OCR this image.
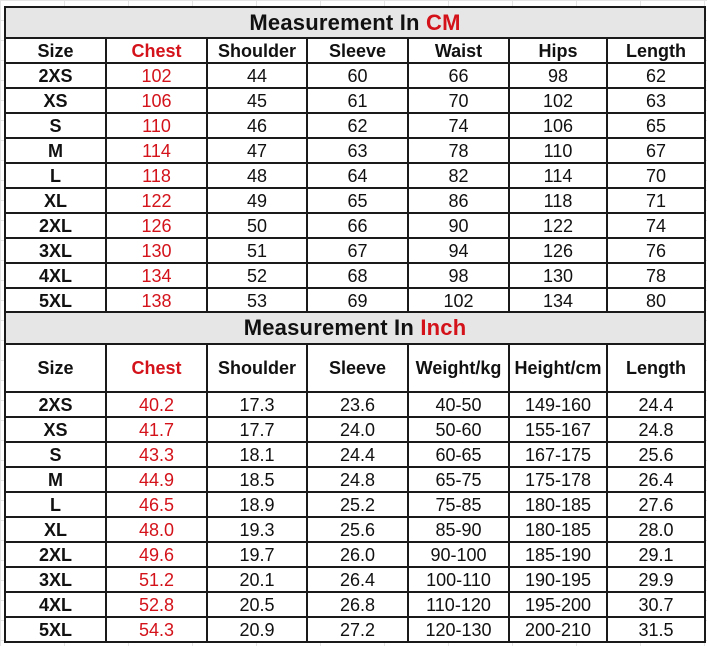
Measurement In CM						
Size	Chest	Shoulder	Sleeve	Waist	Hips	Length
2XS	102	44	60	66	98	62
XS	106	45	61	70	102	63
S	110	46	62	74	106	65
M	114	47	63	78	110	67
L	118	48	64	82	114	70
XL	122	49	65	86	118	71
2XL	126	50	66	90	122	74
3XL	130	51	67	94	126	76
4XL	134	52	68	98	130	78
5XL	138	53	69	102	134	80
Measurement In Inch						
Size	Chest	Shoulder	Sleeve	Weight/kg	Height/cm	Length
2XS	40.2	17.3	23.6	40-50	149-160	24.4
XS	41.7	17.7	24.0	50-60	155-167	24.8
S	43.3	18.1	24.4	60-65	167-175	25.6
M	44.9	18.5	24.8	65-75	175-178	26.4
L	46.5	18.9	25.2	75-85	180-185	27.6
XL	48.0	19.3	25.6	85-90	180-185	28.0
2XL	49.6	19.7	26.0	90-100	185-190	29.1
3XL	51.2	20.1	26.4	100-110	190-195	29.9
4XL	52.8	20.5	26.8	110-120	195-200	30.7
5XL	54.3	20.9	27.2	120-130	200-210	31.5
